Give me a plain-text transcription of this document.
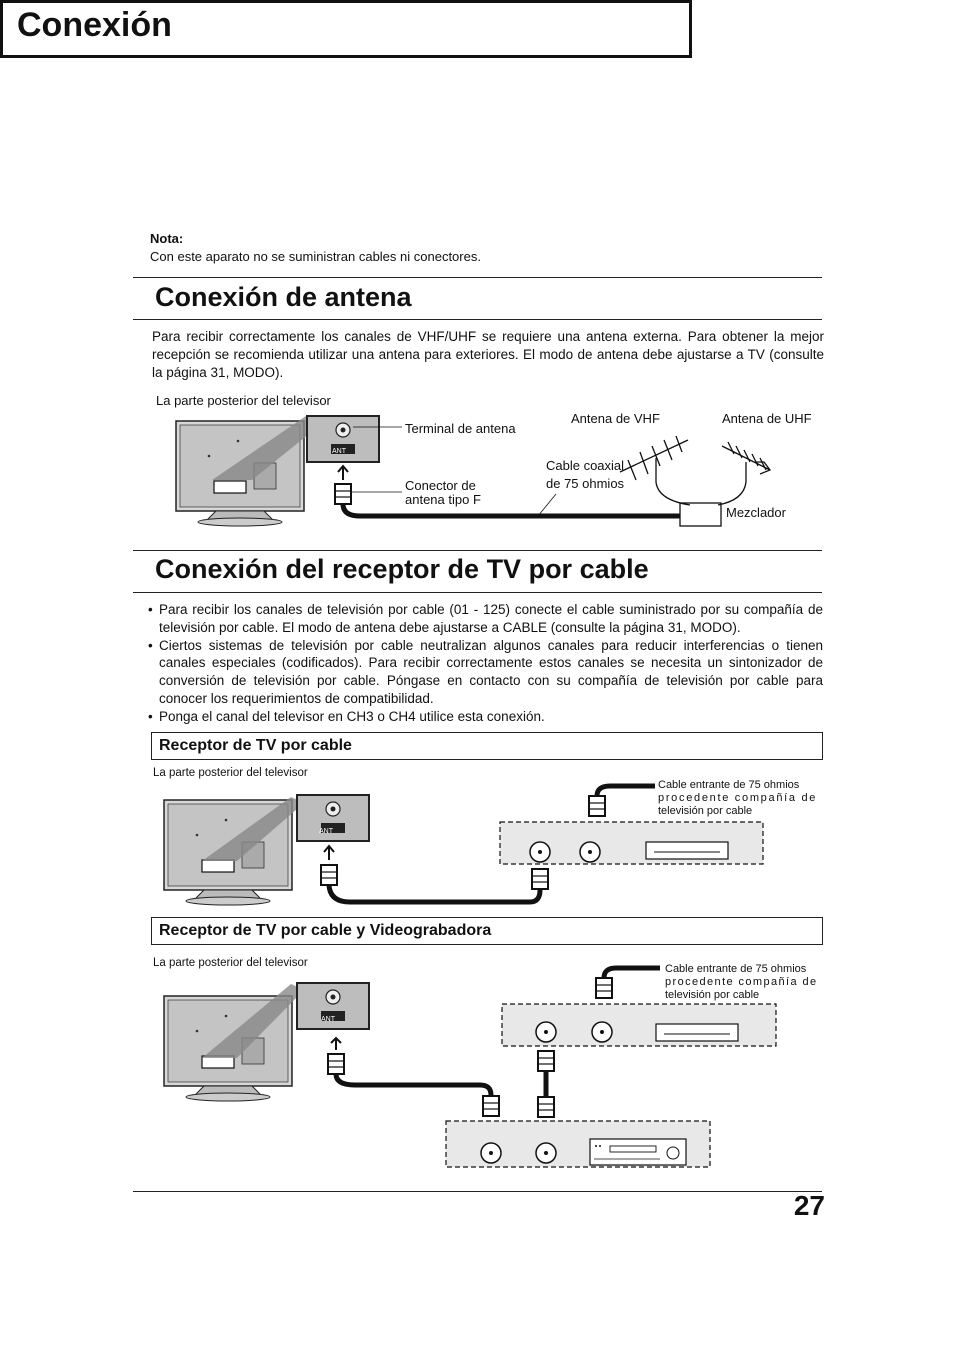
Conexión
Nota:
Con este aparato no se suministran cables ni conectores.
Conexión de antena
Para recibir correctamente los canales de VHF/UHF se requiere una antena externa. Para obtener la mejor recepción se recomienda utilizar una antena para exteriores. El modo de antena debe ajustarse a TV (consulte la página 31, MODO).
La parte posterior del televisor
Terminal de antena
Conector de
antena tipo F
Antena de VHF	Antena de UHF
Cable coaxial
de 75 ohmios
Mezclador
Conexión del receptor de TV por cable
• Para recibir los canales de televisión por cable (01 - 125) conecte el cable suministrado por su compañía de televisión por cable. El modo de antena debe ajustarse a CABLE (consulte la página 31, MODO).
• Ciertos sistemas de televisión por cable neutralizan algunos canales para reducir interferencias o tienen canales especiales (codificados). Para recibir correctamente estos canales se necesita un sintonizador de conversión de televisión por cable. Póngase en contacto con su compañía de televisión por cable para conocer los requerimientos de compatibilidad.
• Ponga el canal del televisor en CH3 o CH4 utilice esta conexión.
Receptor de TV por cable
La parte posterior del televisor
Cable entrante de 75 ohmios
procedente compañía de
televisión por cable
Receptor de TV por cable y Videograbadora
La parte posterior del televisor	Cable entrante de 75 ohmios
procedente compañía de
televisión por cable
27
ANT
ANT
ANT
